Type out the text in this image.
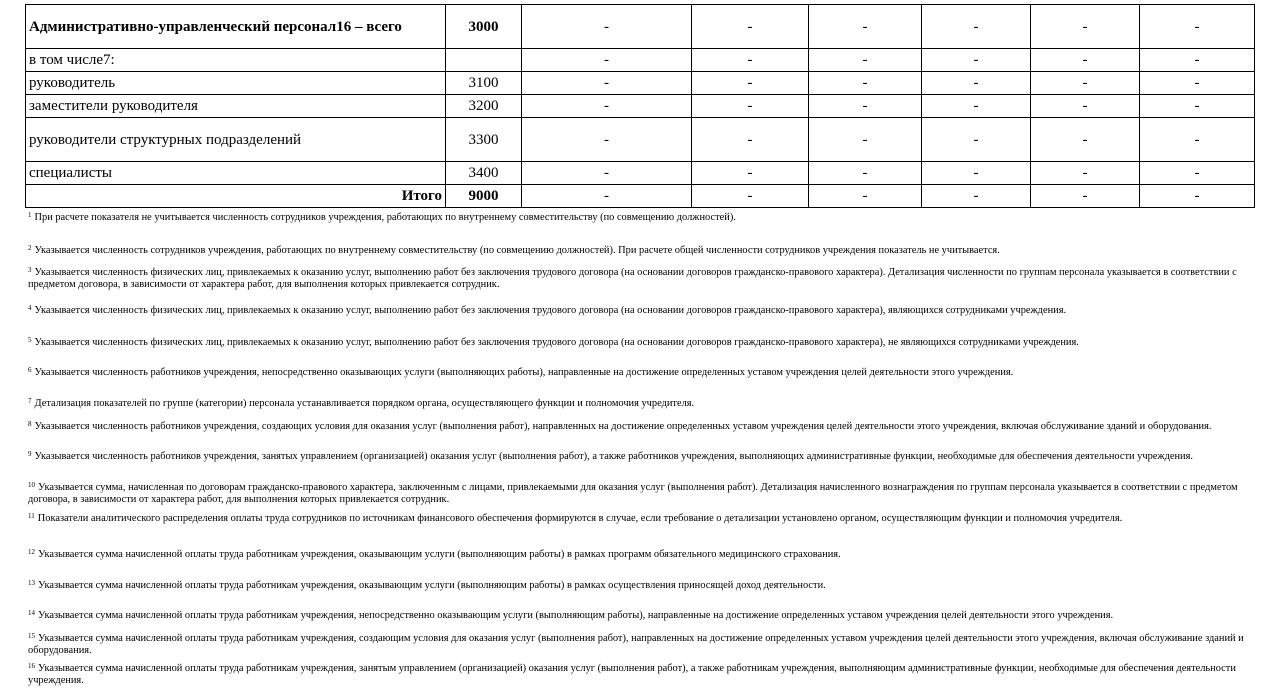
Административно-управленческий персонал16 – всего	3000	-	-	-	-	-	-
в том числе7:		-	-	-	-	-	-
руководитель	3100	-	-	-	-	-	-
заместители руководителя	3200	-	-	-	-	-	-
руководители структурных подразделений	3300	-	-	-	-	-	-
специалисты	3400	-	-	-	-	-	-
Итого	9000	-	-	-	-	-	-
$^1$ При расчете показателя не учитывается численность сотрудников учреждения, работающих по внутреннему совместительству (по совмещению должностей).
$^2$ Указывается численность сотрудников учреждения, работающих по внутреннему совместительству (по совмещению должностей). При расчете общей численности сотрудников учреждения показатель не учитывается.
$^3$ Указывается численность физических лиц, привлекаемых к оказанию услуг, выполнению работ без заключения трудового договора (на основании договоров гражданско-правового характера). Детализация численности по группам персонала указывается в соответствии с предметом договора, в зависимости от характера работ, для выполнения которых привлекается сотрудник.
$^4$ Указывается численность физических лиц, привлекаемых к оказанию услуг, выполнению работ без заключения трудового договора (на основании договоров гражданско-правового характера), являющихся сотрудниками учреждения.
$^5$ Указывается численность физических лиц, привлекаемых к оказанию услуг, выполнению работ без заключения трудового договора (на основании договоров гражданско-правового характера), не являющихся сотрудниками учреждения.
$^6$ Указывается численность работников учреждения, непосредственно оказывающих услуги (выполняющих работы), направленные на достижение определенных уставом учреждения целей деятельности этого учреждения.
$^7$ Детализация показателей по группе (категории) персонала устанавливается порядком органа, осуществляющего функции и полномочия учредителя.
$^8$ Указывается численность работников учреждения, создающих условия для оказания услуг (выполнения работ), направленных на достижение определенных уставом учреждения целей деятельности этого учреждения, включая обслуживание зданий и оборудования.
$^9$ Указывается численность работников учреждения, занятых управлением (организацией) оказания услуг (выполнения работ), а также работников учреждения, выполняющих административные функции, необходимые для обеспечения деятельности учреждения.
$^{10}$ Указывается сумма, начисленная по договорам гражданско-правового характера, заключенным с лицами, привлекаемыми для оказания услуг (выполнения работ). Детализация начисленного вознаграждения по группам персонала указывается в соответствии с предметом договора, в зависимости от характера работ, для выполнения которых привлекается сотрудник.
$^{11}$ Показатели аналитического распределения оплаты труда сотрудников по источникам финансового обеспечения формируются в случае, если требование о детализации установлено органом, осуществляющим функции и полномочия учредителя.
$^{12}$ Указывается сумма начисленной оплаты труда работникам учреждения, оказывающим услуги (выполняющим работы) в рамках программ обязательного медицинского страхования.
$^{13}$ Указывается сумма начисленной оплаты труда работникам учреждения, оказывающим услуги (выполняющим работы) в рамках осуществления приносящей доход деятельности.
$^{14}$ Указывается сумма начисленной оплаты труда работникам учреждения, непосредственно оказывающим услуги (выполняющим работы), направленные на достижение определенных уставом учреждения целей деятельности этого учреждения.
$^{15}$ Указывается сумма начисленной оплаты труда работникам учреждения, создающим условия для оказания услуг (выполнения работ), направленных на достижение определенных уставом учреждения целей деятельности этого учреждения, включая обслуживание зданий и оборудования.
$^{16}$ Указывается сумма начисленной оплаты труда работникам учреждения, занятым управлением (организацией) оказания услуг (выполнения работ), а также работникам учреждения, выполняющим административные функции, необходимые для обеспечения деятельности учреждения.
